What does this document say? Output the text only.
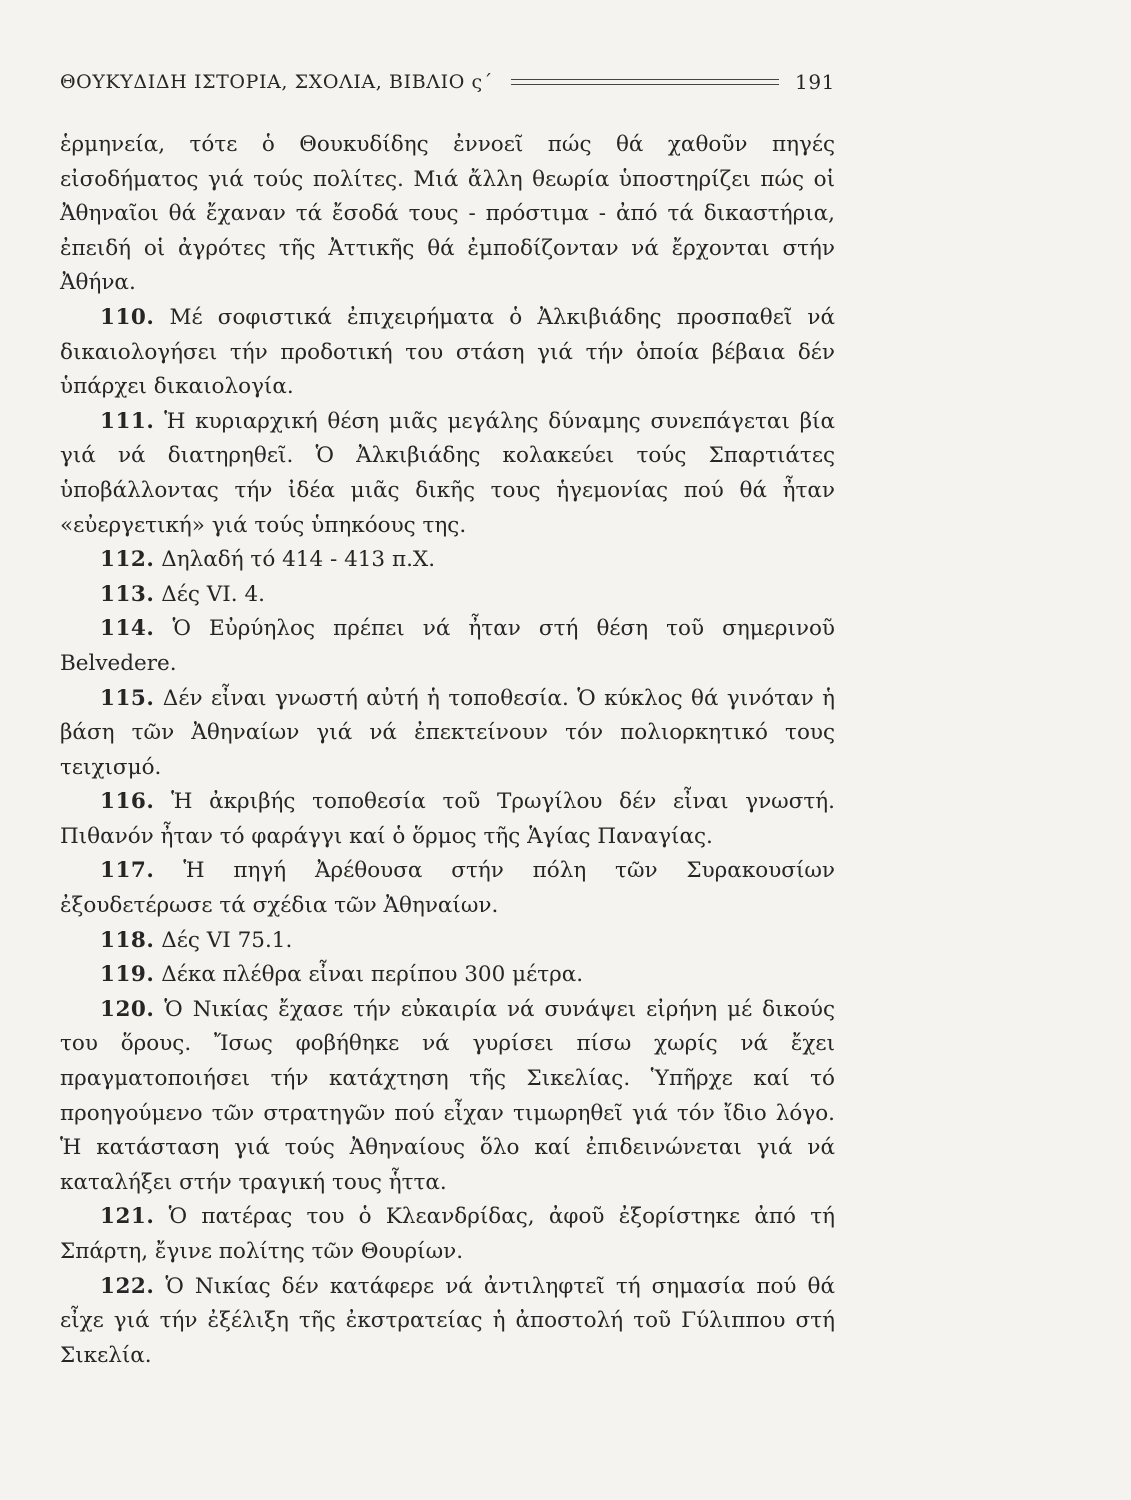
ΘΟΥΚΥΔΙΔΗ ΙΣΤΟΡΙΑ, ΣΧΟΛΙΑ, ΒΙΒΛΙΟ ς΄	191

ἑρμηνεία, τότε ὁ Θουκυδίδης ἐννοεῖ πώς θά χαθοῦν πηγές εἰσοδήματος γιά τούς πολίτες. Μιά ἄλλη θεωρία ὑποστηρίζει πώς οἱ Ἀθηναῖοι θά ἔχαναν τά ἔσοδά τους - πρόστιμα - ἀπό τά δικαστήρια, ἐπειδή οἱ ἀγρότες τῆς Ἀττικῆς θά ἐμποδίζονταν νά ἔρχονται στήν Ἀθήνα.

110. Μέ σοφιστικά ἐπιχειρήματα ὁ Ἀλκιβιάδης προσπαθεῖ νά δικαιολογήσει τήν προδοτική του στάση γιά τήν ὁποία βέβαια δέν ὑπάρχει δικαιολογία.

111. Ἡ κυριαρχική θέση μιᾶς μεγάλης δύναμης συνεπάγεται βία γιά νά διατηρηθεῖ. Ὁ Ἀλκιβιάδης κολακεύει τούς Σπαρτιάτες ὑποβάλλοντας τήν ἰδέα μιᾶς δικῆς τους ἡγεμονίας πού θά ἦταν «εὐεργετική» γιά τούς ὑπηκόους της.

112. Δηλαδή τό 414 - 413 π.Χ.

113. Δές VI. 4.

114. Ὁ Εὐρύηλος πρέπει νά ἦταν στή θέση τοῦ σημερινοῦ Belvedere.

115. Δέν εἶναι γνωστή αὐτή ἡ τοποθεσία. Ὁ κύκλος θά γινόταν ἡ βάση τῶν Ἀθηναίων γιά νά ἐπεκτείνουν τόν πολιορκητικό τους τειχισμό.

116. Ἡ ἀκριβής τοποθεσία τοῦ Τρωγίλου δέν εἶναι γνωστή. Πιθανόν ἦταν τό φαράγγι καί ὁ ὅρμος τῆς Ἁγίας Παναγίας.

117. Ἡ πηγή Ἀρέθουσα στήν πόλη τῶν Συρακουσίων ἐξουδετέρωσε τά σχέδια τῶν Ἀθηναίων.

118. Δές VI 75.1.

119. Δέκα πλέθρα εἶναι περίπου 300 μέτρα.

120. Ὁ Νικίας ἔχασε τήν εὐκαιρία νά συνάψει εἰρήνη μέ δικούς του ὅρους. Ἴσως φοβήθηκε νά γυρίσει πίσω χωρίς νά ἔχει πραγματοποιήσει τήν κατάχτηση τῆς Σικελίας. Ὑπῆρχε καί τό προηγούμενο τῶν στρατηγῶν πού εἶχαν τιμωρηθεῖ γιά τόν ἴδιο λόγο. Ἡ κατάσταση γιά τούς Ἀθηναίους ὅλο καί ἐπιδεινώνεται γιά νά καταλήξει στήν τραγική τους ἧττα.

121. Ὁ πατέρας του ὁ Κλεανδρίδας, ἀφοῦ ἐξορίστηκε ἀπό τή Σπάρτη, ἔγινε πολίτης τῶν Θουρίων.

122. Ὁ Νικίας δέν κατάφερε νά ἀντιληφτεῖ τή σημασία πού θά εἶχε γιά τήν ἐξέλιξη τῆς ἐκστρατείας ἡ ἀποστολή τοῦ Γύλιππου στή Σικελία.
